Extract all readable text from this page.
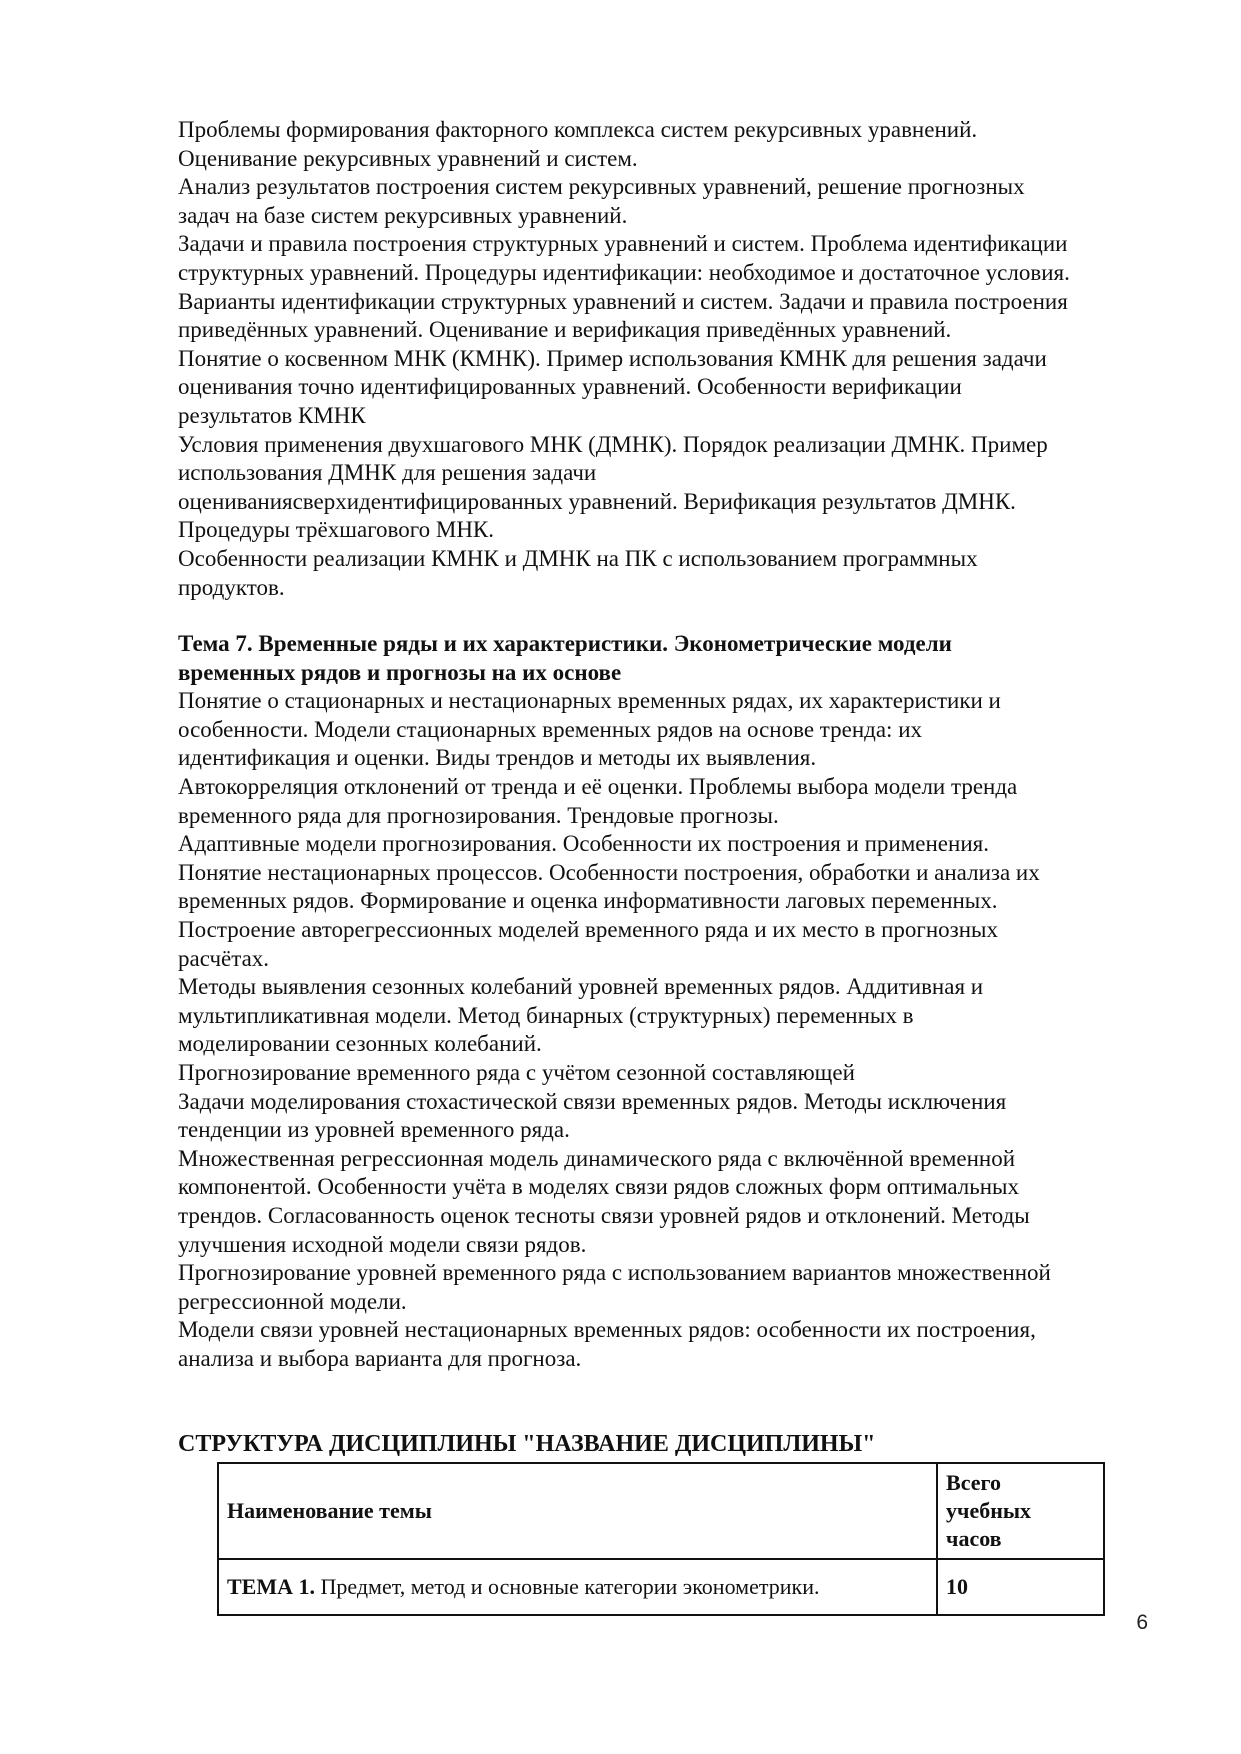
Проблемы формирования факторного комплекса систем рекурсивных уравнений.
Оценивание рекурсивных уравнений и систем.
Анализ результатов построения систем рекурсивных уравнений, решение прогнозных
задач на базе систем рекурсивных уравнений.
Задачи и правила построения структурных уравнений и систем. Проблема идентификации
структурных уравнений. Процедуры идентификации: необходимое и достаточное условия.
Варианты идентификации структурных уравнений и систем. Задачи и правила построения
приведённых уравнений. Оценивание и верификация приведённых уравнений.
Понятие о косвенном МНК (КМНК). Пример использования КМНК для решения задачи
оценивания точно идентифицированных уравнений. Особенности верификации
результатов КМНК
Условия применения двухшагового МНК (ДМНК). Порядок реализации ДМНК. Пример
использования ДМНК для решения задачи
оцениваниясверхидентифицированных уравнений. Верификация результатов ДМНК.
Процедуры трёхшагового МНК.
Особенности реализации КМНК и ДМНК на ПК с использованием программных
продуктов.
Тема 7. Временные ряды и их характеристики. Эконометрические модели
временных рядов и прогнозы на их основе
Понятие о стационарных и нестационарных временных рядах, их характеристики и
особенности. Модели стационарных временных рядов на основе тренда: их
идентификация и оценки. Виды трендов и методы их выявления.
Автокорреляция отклонений от тренда и её оценки. Проблемы выбора модели тренда
временного ряда для прогнозирования. Трендовые прогнозы.
Адаптивные модели прогнозирования. Особенности их построения и применения.
Понятие нестационарных процессов. Особенности построения, обработки и анализа их
временных рядов. Формирование и оценка информативности лаговых переменных.
Построение авторегрессионных моделей временного ряда и их место в прогнозных
расчётах.
Методы выявления сезонных колебаний уровней временных рядов. Аддитивная и
мультипликативная модели. Метод бинарных (структурных) переменных в
моделировании сезонных колебаний.
Прогнозирование временного ряда с учётом сезонной составляющей
Задачи моделирования стохастической связи временных рядов. Методы исключения
тенденции из уровней временного ряда.
Множественная регрессионная модель динамического ряда с включённой временной
компонентой. Особенности учёта в моделях связи рядов сложных форм оптимальных
трендов. Согласованность оценок тесноты связи уровней рядов и отклонений. Методы
улучшения исходной модели связи рядов.
Прогнозирование уровней временного ряда с использованием вариантов множественной
регрессионной модели.
Модели связи уровней нестационарных временных рядов: особенности их построения,
анализа и выбора варианта для прогноза.
СТРУКТУРА ДИСЦИПЛИНЫ "НАЗВАНИЕ ДИСЦИПЛИНЫ"
Наименование темы	Всего
учебных
часов

ТЕМА 1. Предмет, метод и основные категории эконометрики.	10
6
